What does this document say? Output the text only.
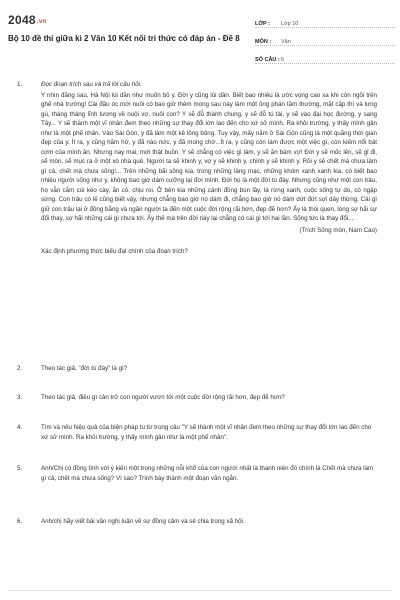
2048.vn
Bộ 10 đề thi giữa kì 2 Văn 10 Kết nối tri thức có đáp án - Đề 8
LỚP :	Lớp 10
MÔN :	Văn
SỐ CÂU : 6
1.	Đọc đoạn trích sau và trả lời câu hỏi:
Y nhìn đăng sau, Hà Nội lúi dần như muốn bỏ y. Đời y cũng lùi dần. Biết bao nhiêu là ước vọng cao xa khi còn ngồi trên ghế nhà trường! Cái đầu óc mới nuôi có bao giờ thèm mong sau này làm một ông phán tầm thường, mặt cặp thì và lưng gù, tháng tháng lĩnh lương về nuôi vợ, nuôi con? Y sẽ đỗ thành chung, y sẽ đỗ tú tài, y sẽ vào đại học đường, y sang Tây... Y sẽ thành một vĩ nhân đem theo những sự thay đổi lớn lao đến cho xứ sở mình. Ra khỏi trường, y thấy mình gần như là một phế nhân. Vào Sài Gòn, y đã làm một kẻ lông bông. Tuy vậy, mấy năm ở Sài Gòn cũng là một quãng thời gian đẹp của y. Ít ra, y cũng hăm hở, y đã nào nức, y đã mong chờ...Ít ra, y cũng còn làm được một việc gì, còn kiếm nổi bát cơm của mình ăn. Nhưng nay mai, mới thật buồn. Y sẽ chẳng có việc gì làm, y sẽ ăn bám vợ! Đời y sẽ mốc lên, sẽ gỉ đi, sẽ mòn, sẽ mục ra ở một xó nhà quê. Người ta sẽ khinh y, vợ y sẽ khinh y, chính y sẽ khinh y. Rồi y sẽ chết mà chưa làm gì cả, chết mà chưa sống!... Trên những bãi sông kia, trong những làng mạc, những khóm xanh xanh kia, có biết bao nhiêu người sống như y, không bao giờ dám cưỡng lại đời mình. Đời họ là một đời tù đày. Nhưng cũng như một con trâu, họ vẫn cắm cúi kéo cày, ăn cỏ, chịu roi. Ở bên kia những cánh đồng bùn lầy, là rừng xanh, cuộc sống tự do, có ngập sừng. Con trâu có lẽ cũng biết vậy, nhưng chẳng bao giờ nó dám đi, chẳng bao giờ nó dám dứt đứt sợi dây thừng. Cái gì giữ con trâu lại ở đồng bằng và ngăn người ta đến một cuộc đời rộng rãi hơn, đẹp đẽ hơn? Ấy là thói quen, lòng sợ hãi sự đổi thay, sợ hãi những cái gì chưa tới. Ấy thế mà trên đời này lại chẳng có cái gì tới hai lần. Sống tức là thay đổi...
(Trích Sống mòn, Nam Cao)
Xác định phương thức biểu đạt chính của đoạn trích?
2.	Theo tác giả, "đời tù đày" là gì?
3.	Theo tác giả, điều gì cản trở con người vươn tới một cuộc đời rộng rãi hơn, đẹp đẽ hơn?
4.	Tìm và nêu hiệu quả của biện pháp tu từ trong câu "Y sẽ thành một vĩ nhân đem theo những sự thay đổi lớn lao đến cho xứ sở mình. Ra khỏi trường, y thấy mình gần như là một phế nhân".
5.	Anh/Chị có đồng tình với ý kiến một trong những nỗi khổ của con người nhất là thanh niên đó chính là Chết mà chưa làm gì cả, chết mà chưa sống? Vì sao? Trình bày thành một đoạn văn ngắn.
6.	Anh/chị hãy viết bài văn nghị luận về sự đồng cảm và sẻ chia trong xã hội.
